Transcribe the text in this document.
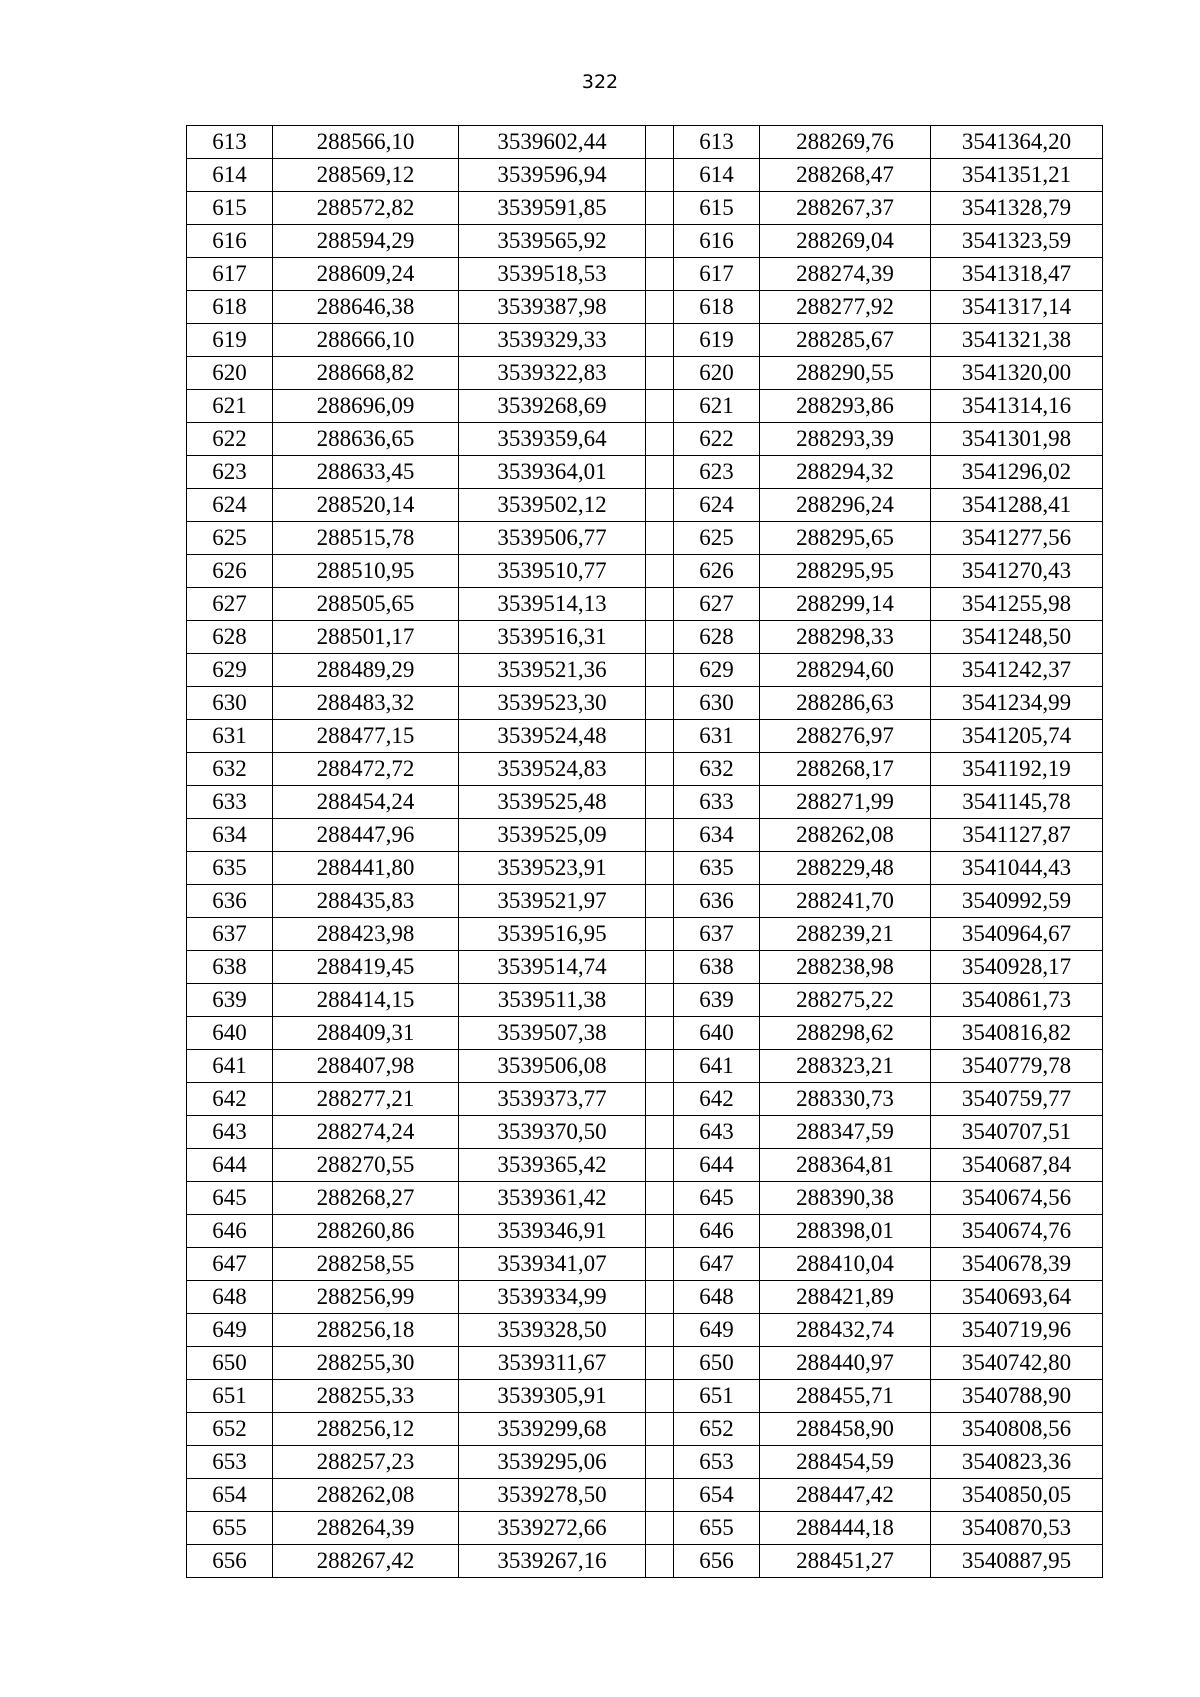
322
613	288566,10	3539602,44		613	288269,76	3541364,20
614	288569,12	3539596,94		614	288268,47	3541351,21
615	288572,82	3539591,85		615	288267,37	3541328,79
616	288594,29	3539565,92		616	288269,04	3541323,59
617	288609,24	3539518,53		617	288274,39	3541318,47
618	288646,38	3539387,98		618	288277,92	3541317,14
619	288666,10	3539329,33		619	288285,67	3541321,38
620	288668,82	3539322,83		620	288290,55	3541320,00
621	288696,09	3539268,69		621	288293,86	3541314,16
622	288636,65	3539359,64		622	288293,39	3541301,98
623	288633,45	3539364,01		623	288294,32	3541296,02
624	288520,14	3539502,12		624	288296,24	3541288,41
625	288515,78	3539506,77		625	288295,65	3541277,56
626	288510,95	3539510,77		626	288295,95	3541270,43
627	288505,65	3539514,13		627	288299,14	3541255,98
628	288501,17	3539516,31		628	288298,33	3541248,50
629	288489,29	3539521,36		629	288294,60	3541242,37
630	288483,32	3539523,30		630	288286,63	3541234,99
631	288477,15	3539524,48		631	288276,97	3541205,74
632	288472,72	3539524,83		632	288268,17	3541192,19
633	288454,24	3539525,48		633	288271,99	3541145,78
634	288447,96	3539525,09		634	288262,08	3541127,87
635	288441,80	3539523,91		635	288229,48	3541044,43
636	288435,83	3539521,97		636	288241,70	3540992,59
637	288423,98	3539516,95		637	288239,21	3540964,67
638	288419,45	3539514,74		638	288238,98	3540928,17
639	288414,15	3539511,38		639	288275,22	3540861,73
640	288409,31	3539507,38		640	288298,62	3540816,82
641	288407,98	3539506,08		641	288323,21	3540779,78
642	288277,21	3539373,77		642	288330,73	3540759,77
643	288274,24	3539370,50		643	288347,59	3540707,51
644	288270,55	3539365,42		644	288364,81	3540687,84
645	288268,27	3539361,42		645	288390,38	3540674,56
646	288260,86	3539346,91		646	288398,01	3540674,76
647	288258,55	3539341,07		647	288410,04	3540678,39
648	288256,99	3539334,99		648	288421,89	3540693,64
649	288256,18	3539328,50		649	288432,74	3540719,96
650	288255,30	3539311,67		650	288440,97	3540742,80
651	288255,33	3539305,91		651	288455,71	3540788,90
652	288256,12	3539299,68		652	288458,90	3540808,56
653	288257,23	3539295,06		653	288454,59	3540823,36
654	288262,08	3539278,50		654	288447,42	3540850,05
655	288264,39	3539272,66		655	288444,18	3540870,53
656	288267,42	3539267,16		656	288451,27	3540887,95
